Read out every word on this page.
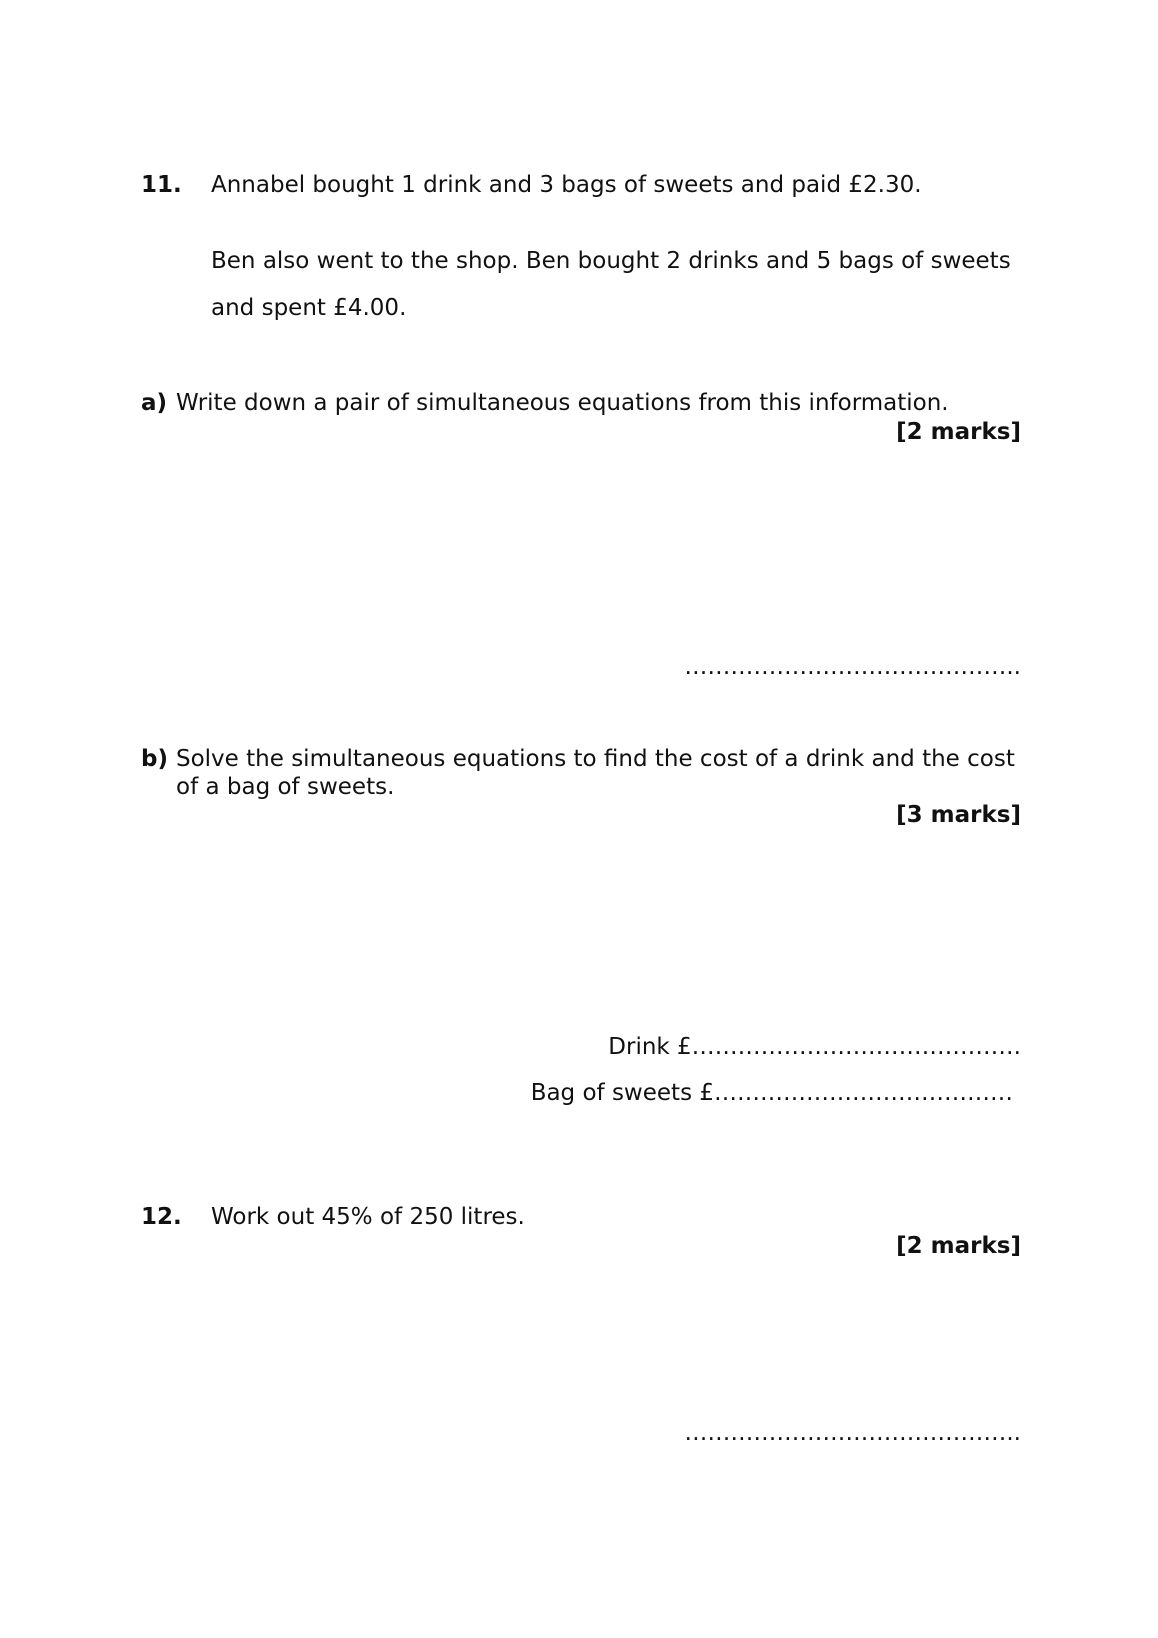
11. Annabel bought 1 drink and 3 bags of sweets and paid £2.30.
Ben also went to the shop. Ben bought 2 drinks and 5 bags of sweets
and spent £4.00.
a) Write down a pair of simultaneous equations from this information.
[2 marks]
……………………………………..
b) Solve the simultaneous equations to find the cost of a drink and the cost
of a bag of sweets.
[3 marks]
Drink £…………………………………….
Bag of sweets £…………………………………
12. Work out 45% of 250 litres.
[2 marks]
……………………………………..
